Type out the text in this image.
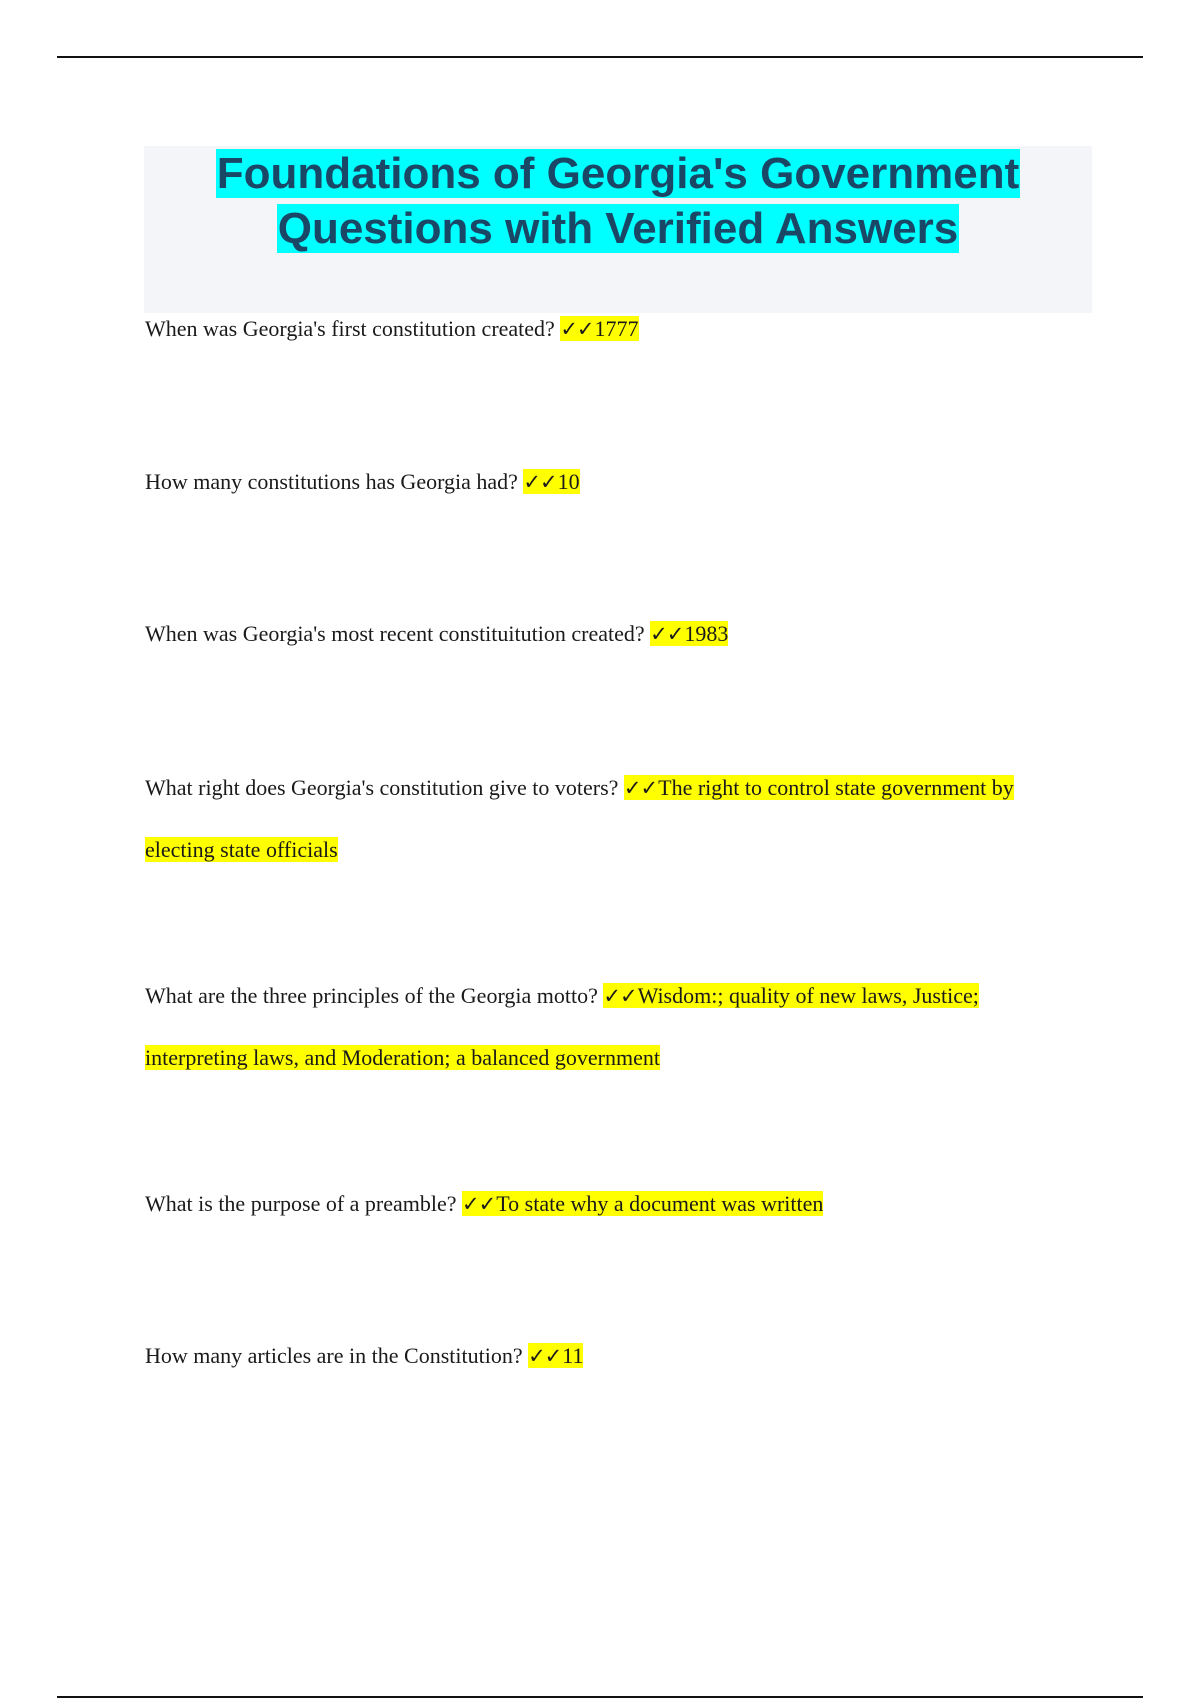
Foundations of Georgia's Government
Questions with Verified Answers

When was Georgia's first constitution created? ✓✓1777

How many constitutions has Georgia had? ✓✓10

When was Georgia's most recent constituitution created? ✓✓1983

What right does Georgia's constitution give to voters? ✓✓The right to control state government by electing state officials

What are the three principles of the Georgia motto? ✓✓Wisdom:; quality of new laws, Justice; interpreting laws, and Moderation; a balanced government

What is the purpose of a preamble? ✓✓To state why a document was written

How many articles are in the Constitution? ✓✓11
